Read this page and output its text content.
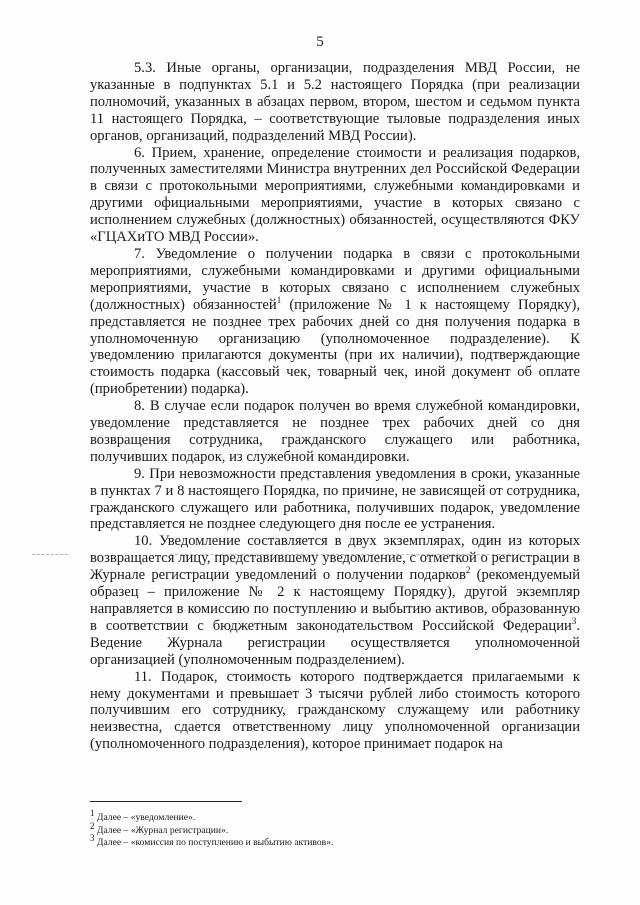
5

5.3. Иные органы, организации, подразделения МВД России, не указанные в подпунктах 5.1 и 5.2 настоящего Порядка (при реализации полномочий, указанных в абзацах первом, втором, шестом и седьмом пункта 11 настоящего Порядка, – соответствующие тыловые подразделения иных органов, организаций, подразделений МВД России).

6. Прием, хранение, определение стоимости и реализация подарков, полученных заместителями Министра внутренних дел Российской Федерации в связи с протокольными мероприятиями, служебными командировками и другими официальными мероприятиями, участие в которых связано с исполнением служебных (должностных) обязанностей, осуществляются ФКУ «ГЦАХиТО МВД России».

7. Уведомление о получении подарка в связи с протокольными мероприятиями, служебными командировками и другими официальными мероприятиями, участие в которых связано с исполнением служебных (должностных) обязанностей$^1$ (приложение № 1 к настоящему Порядку), представляется не позднее трех рабочих дней со дня получения подарка в уполномоченную организацию (уполномоченное подразделение). К уведомлению прилагаются документы (при их наличии), подтверждающие стоимость подарка (кассовый чек, товарный чек, иной документ об оплате (приобретении) подарка).

8. В случае если подарок получен во время служебной командировки, уведомление представляется не позднее трех рабочих дней со дня возвращения сотрудника, гражданского служащего или работника, получивших подарок, из служебной командировки.

9. При невозможности представления уведомления в сроки, указанные в пунктах 7 и 8 настоящего Порядка, по причине, не зависящей от сотрудника, гражданского служащего или работника, получивших подарок, уведомление представляется не позднее следующего дня после ее устранения.

10. Уведомление составляется в двух экземплярах, один из которых возвращается лицу, представившему уведомление, с отметкой о регистрации в Журнале регистрации уведомлений о получении подарков$^2$ (рекомендуемый образец – приложение № 2 к настоящему Порядку), другой экземпляр направляется в комиссию по поступлению и выбытию активов, образованную в соответствии с бюджетным законодательством Российской Федерации$^3$. Ведение Журнала регистрации осуществляется уполномоченной организацией (уполномоченным подразделением).

11. Подарок, стоимость которого подтверждается прилагаемыми к нему документами и превышает 3 тысячи рублей либо стоимость которого получившим его сотруднику, гражданскому служащему или работнику неизвестна, сдается ответственному лицу уполномоченной организации (уполномоченного подразделения), которое принимает подарок на

$^1$ Далее – «уведомление».

$^2$ Далее – «Журнал регистрации».

$^3$ Далее – «комиссия по поступлению и выбытию активов».
